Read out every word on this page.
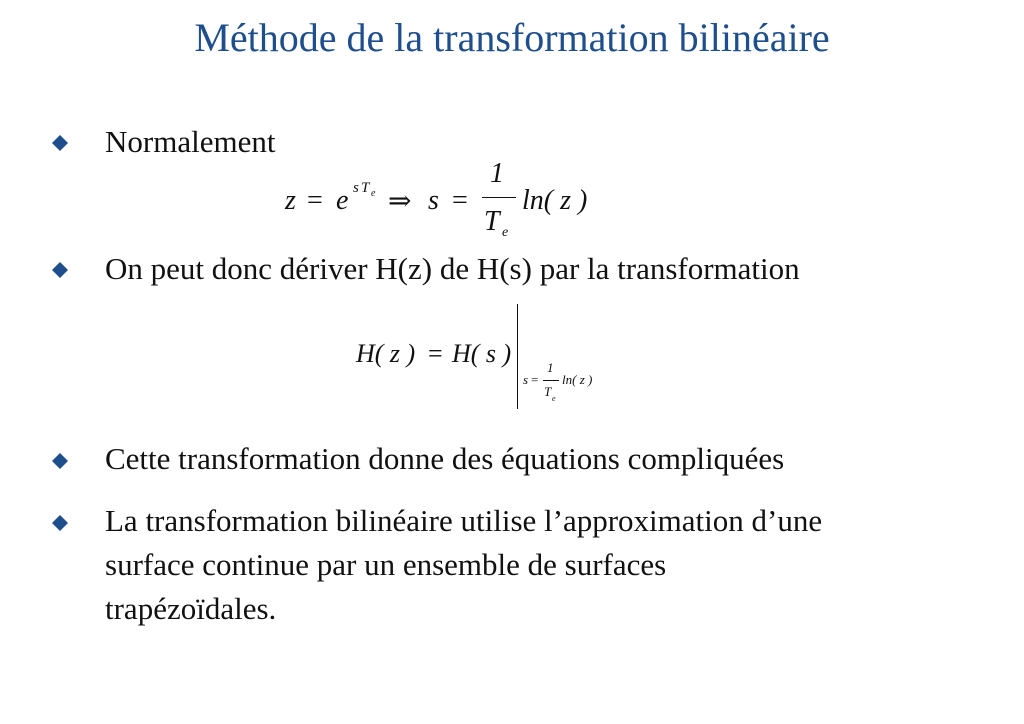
Méthode de la transformation bilinéaire
Normalement
z = e s T e ⇒ s =
1
T e
ln( z )
On peut donc dériver H(z) de H(s) par la transformation
H( z ) = H( s )
s =
1
T e
ln( z )
Cette transformation donne des équations compliquées
La transformation bilinéaire utilise l’approximation d’une
surface continue par un ensemble de surfaces
trapézoïdales.
